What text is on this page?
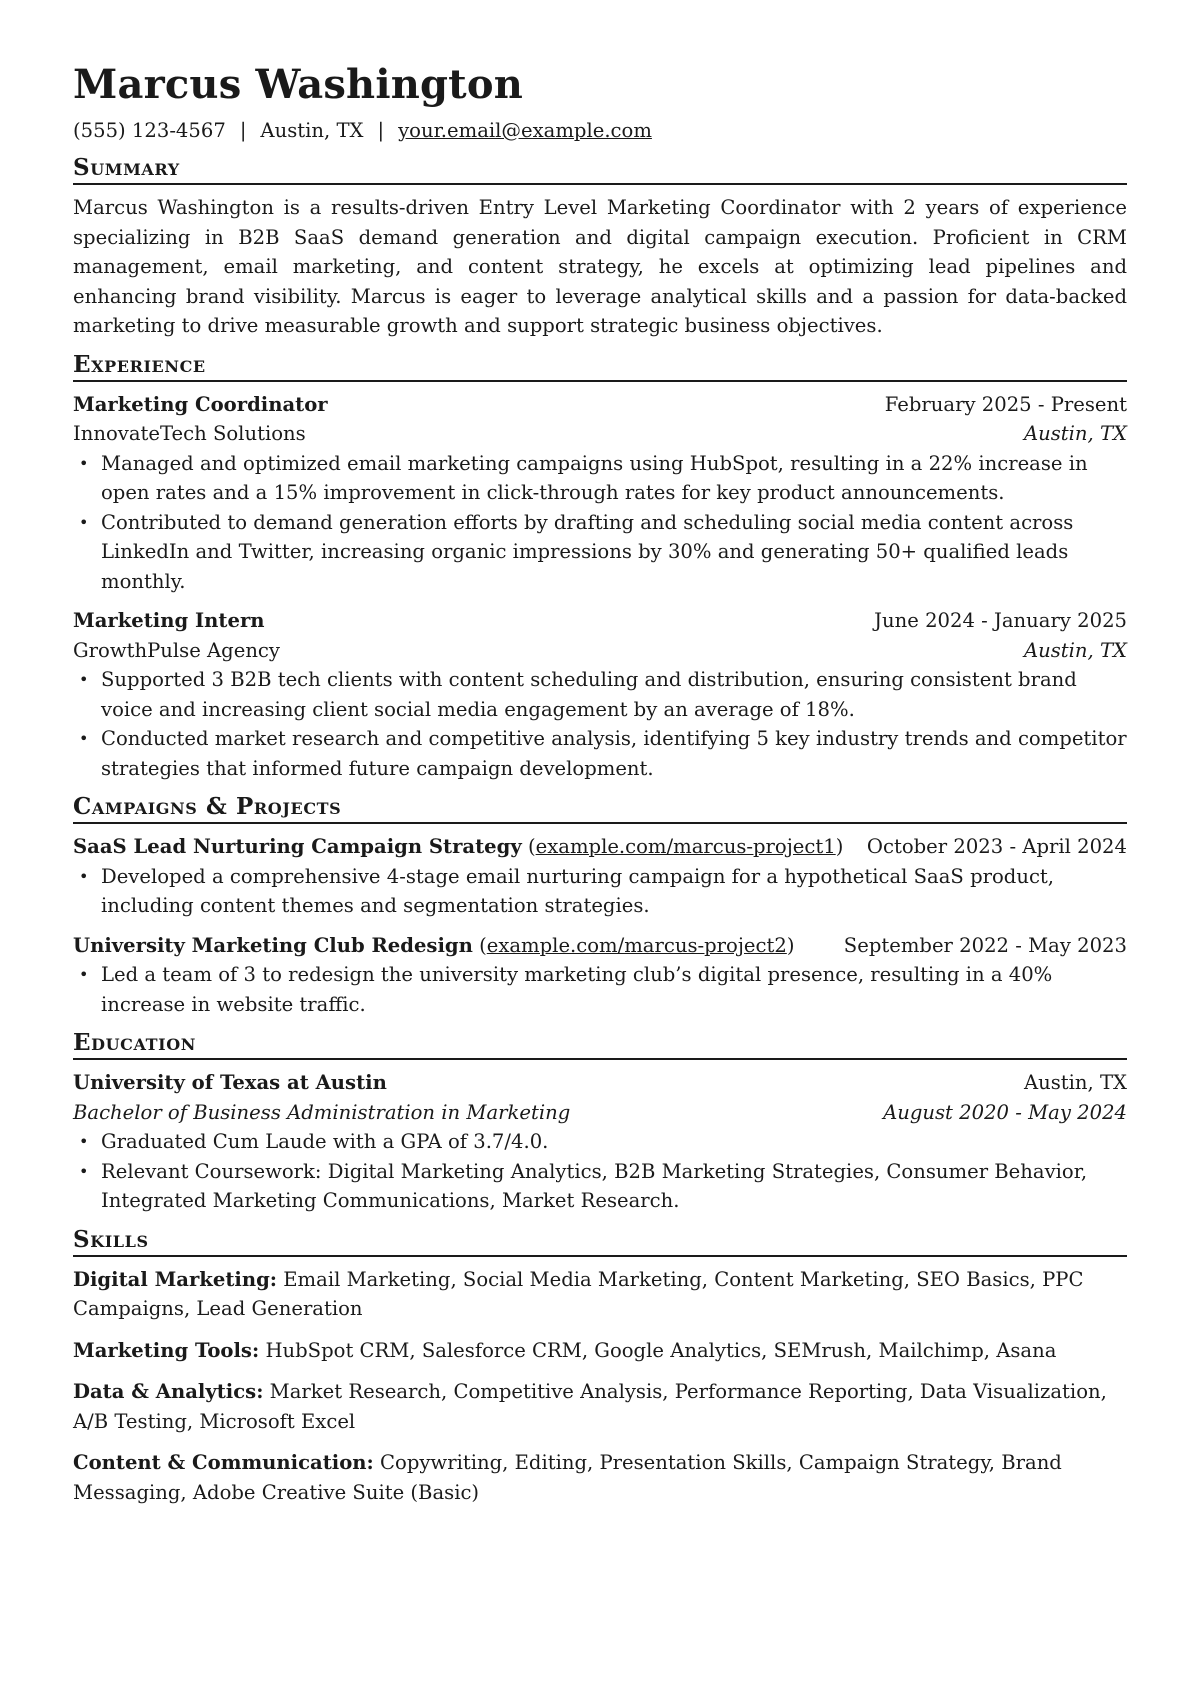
Marcus Washington
(555) 123-4567 | Austin, TX | your.email@example.com
Summary
Marcus Washington is a results-driven Entry Level Marketing Coordinator with 2 years of experience specializing in B2B SaaS demand generation and digital campaign execution. Proficient in CRM management, email marketing, and content strategy, he excels at optimizing lead pipelines and enhancing brand visibility. Marcus is eager to leverage analytical skills and a passion for data-backed marketing to drive measurable growth and support strategic business objectives.
Experience
Marketing Coordinator	February 2025 - Present
InnovateTech Solutions	Austin, TX
• Managed and optimized email marketing campaigns using HubSpot, resulting in a 22% increase in open rates and a 15% improvement in click-through rates for key product announcements.
• Contributed to demand generation efforts by drafting and scheduling social media content across LinkedIn and Twitter, increasing organic impressions by 30% and generating 50+ qualified leads monthly.
Marketing Intern	June 2024 - January 2025
GrowthPulse Agency	Austin, TX
• Supported 3 B2B tech clients with content scheduling and distribution, ensuring consistent brand voice and increasing client social media engagement by an average of 18%.
• Conducted market research and competitive analysis, identifying 5 key industry trends and competitor strategies that informed future campaign development.
Campaigns & Projects
SaaS Lead Nurturing Campaign Strategy (example.com/marcus-project1) October 2023 - April 2024
• Developed a comprehensive 4-stage email nurturing campaign for a hypothetical SaaS product, including content themes and segmentation strategies.
University Marketing Club Redesign (example.com/marcus-project2)	September 2022 - May 2023
• Led a team of 3 to redesign the university marketing club’s digital presence, resulting in a 40% increase in website traffic.
Education
University of Texas at Austin	Austin, TX
Bachelor of Business Administration in Marketing	August 2020 - May 2024
• Graduated Cum Laude with a GPA of 3.7/4.0.
• Relevant Coursework: Digital Marketing Analytics, B2B Marketing Strategies, Consumer Behavior, Integrated Marketing Communications, Market Research.
Skills
Digital Marketing: Email Marketing, Social Media Marketing, Content Marketing, SEO Basics, PPC Campaigns, Lead Generation
Marketing Tools: HubSpot CRM, Salesforce CRM, Google Analytics, SEMrush, Mailchimp, Asana
Data & Analytics: Market Research, Competitive Analysis, Performance Reporting, Data Visualization, A/B Testing, Microsoft Excel
Content & Communication: Copywriting, Editing, Presentation Skills, Campaign Strategy, Brand Messaging, Adobe Creative Suite (Basic)
